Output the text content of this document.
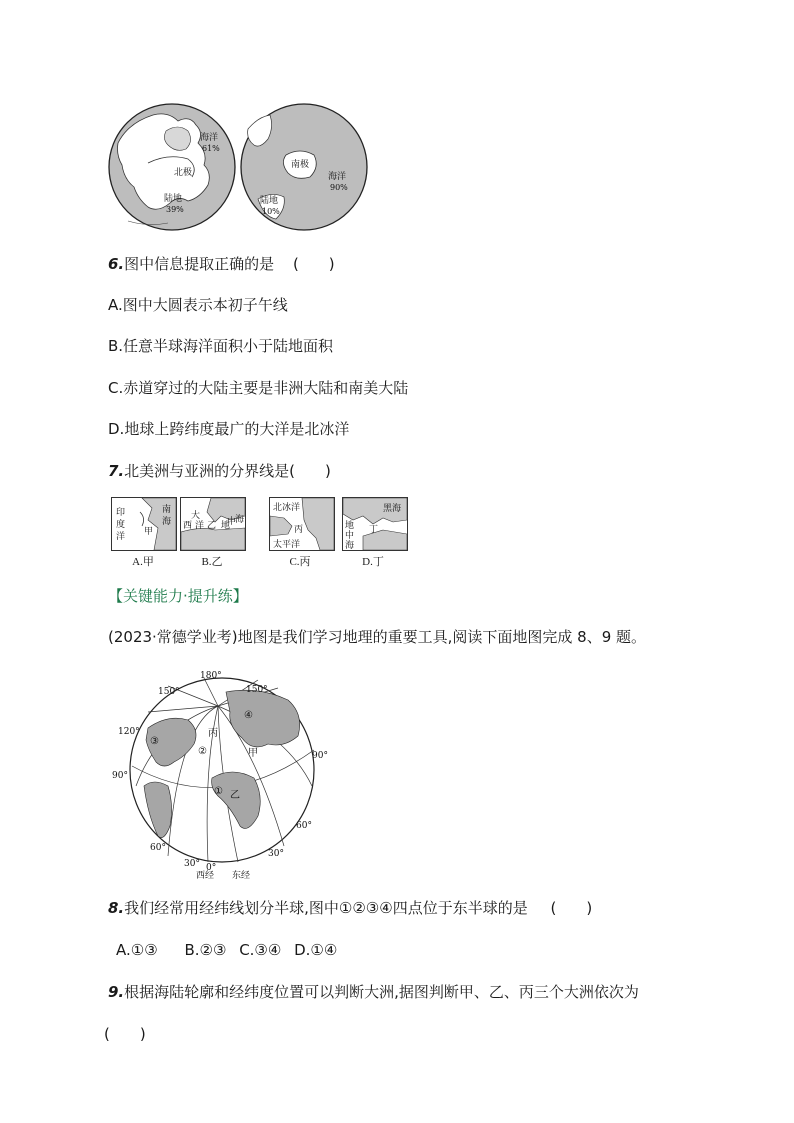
海洋
61%
北极
陆地
39%
南极
海洋
90%
陆地
10%
6.图中信息提取正确的是 (　　)
A.图中大圆表示本初子午线
B.任意半球海洋面积小于陆地面积
C.赤道穿过的大陆主要是非洲大陆和南美大陆
D.地球上跨纬度最广的大洋是北冰洋
7.北美洲与亚洲的分界线是(　　)
印
度
洋
南
海
甲
A.甲
大
西 洋 乙 地
中
海
B.乙
北冰洋
丙
太平洋
C.丙
黑海
丁
地
中
海
D.丁
【关键能力·提升练】
(2023·常德学业考)地图是我们学习地理的重要工具,阅读下面地图完成 8、9 题。
180°
150°
150°
120°
90°
90°
60°
60°
30° 0°
30°
①
②
③
④
甲
乙
丙
西经 东经
8.我们经常用经纬线划分半球,图中①②③④四点位于东半球的是 (　　)
A.①③ B.②③ C.③④ D.①④
9.根据海陆轮廓和经纬度位置可以判断大洲,据图判断甲、乙、丙三个大洲依次为
(　　)
